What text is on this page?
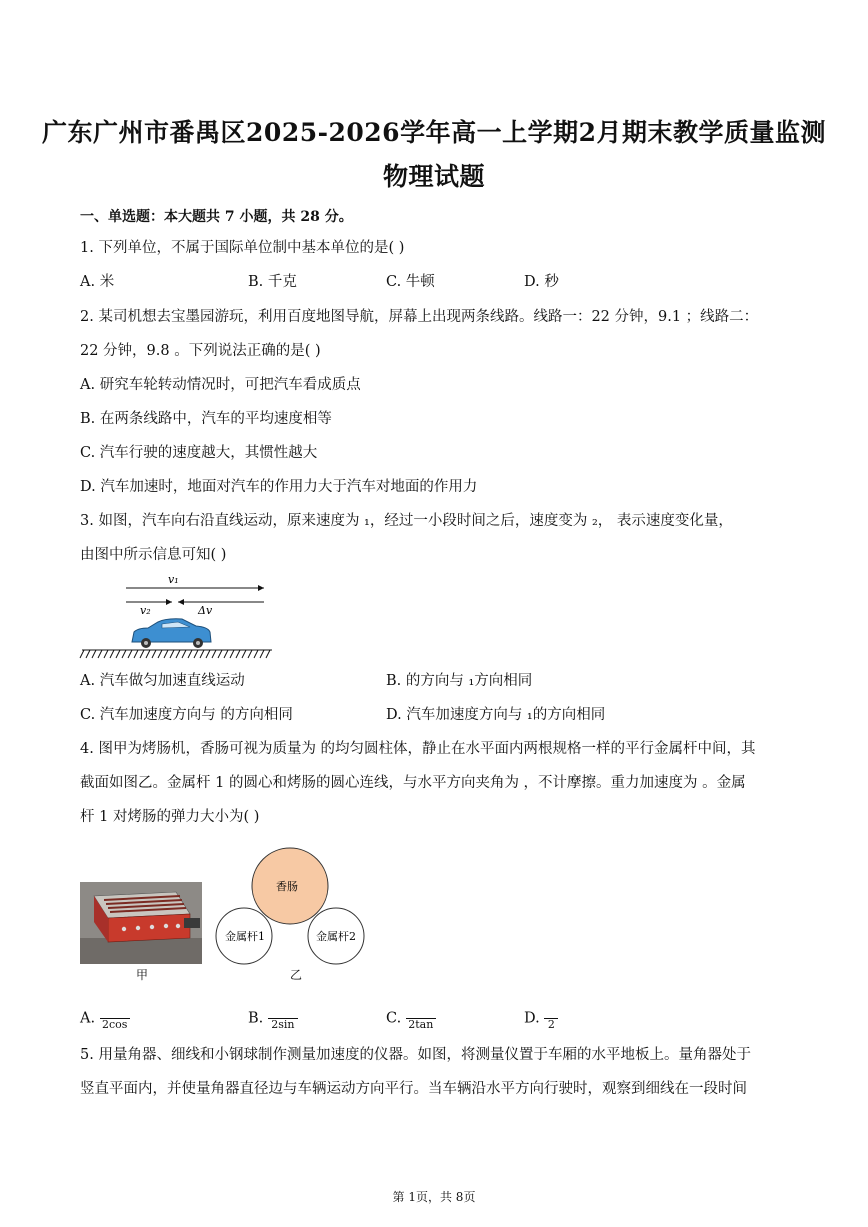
广东广州市番禺区2025-2026学年高一上学期2月期末教学质量监测
物理试题
一、单选题：本大题共 7 小题，共 28 分。
1. 下列单位，不属于国际单位制中基本单位的是( )
A. 米	B. 千克	C. 牛顿	D. 秒
2. 某司机想去宝墨园游玩，利用百度地图导航，屏幕上出现两条线路。线路一：22 分钟，9.1 ；线路二：
22 分钟，9.8 。下列说法正确的是( )
A. 研究车轮转动情况时，可把汽车看成质点
B. 在两条线路中，汽车的平均速度相等
C. 汽车行驶的速度越大，其惯性越大
D. 汽车加速时，地面对汽车的作用力大于汽车对地面的作用力
3. 如图，汽车向右沿直线运动，原来速度为 ₁，经过一小段时间之后，速度变为 ₂， 表示速度变化量，
由图中所示信息可知( )
v₁
v₂	Δv
A. 汽车做匀加速直线运动	B. 的方向与 ₁方向相同
C. 汽车加速度方向与 的方向相同	D. 汽车加速度方向与 ₁的方向相同
4. 图甲为烤肠机，香肠可视为质量为 的均匀圆柱体，静止在水平面内两根规格一样的平行金属杆中间，其
截面如图乙。金属杆 1 的圆心和烤肠的圆心连线，与水平方向夹角为 ，不计摩擦。重力加速度为 。金属
杆 1 对烤肠的弹力大小为( )
甲
香肠
金属杆1	金属杆2
乙
A. 2cos	B. 2sin	C. 2tan	D. 2
5. 用量角器、细线和小钢球制作测量加速度的仪器。如图，将测量仪置于车厢的水平地板上。量角器处于
竖直平面内，并使量角器直径边与车辆运动方向平行。当车辆沿水平方向行驶时，观察到细线在一段时间
第 1页，共 8页
